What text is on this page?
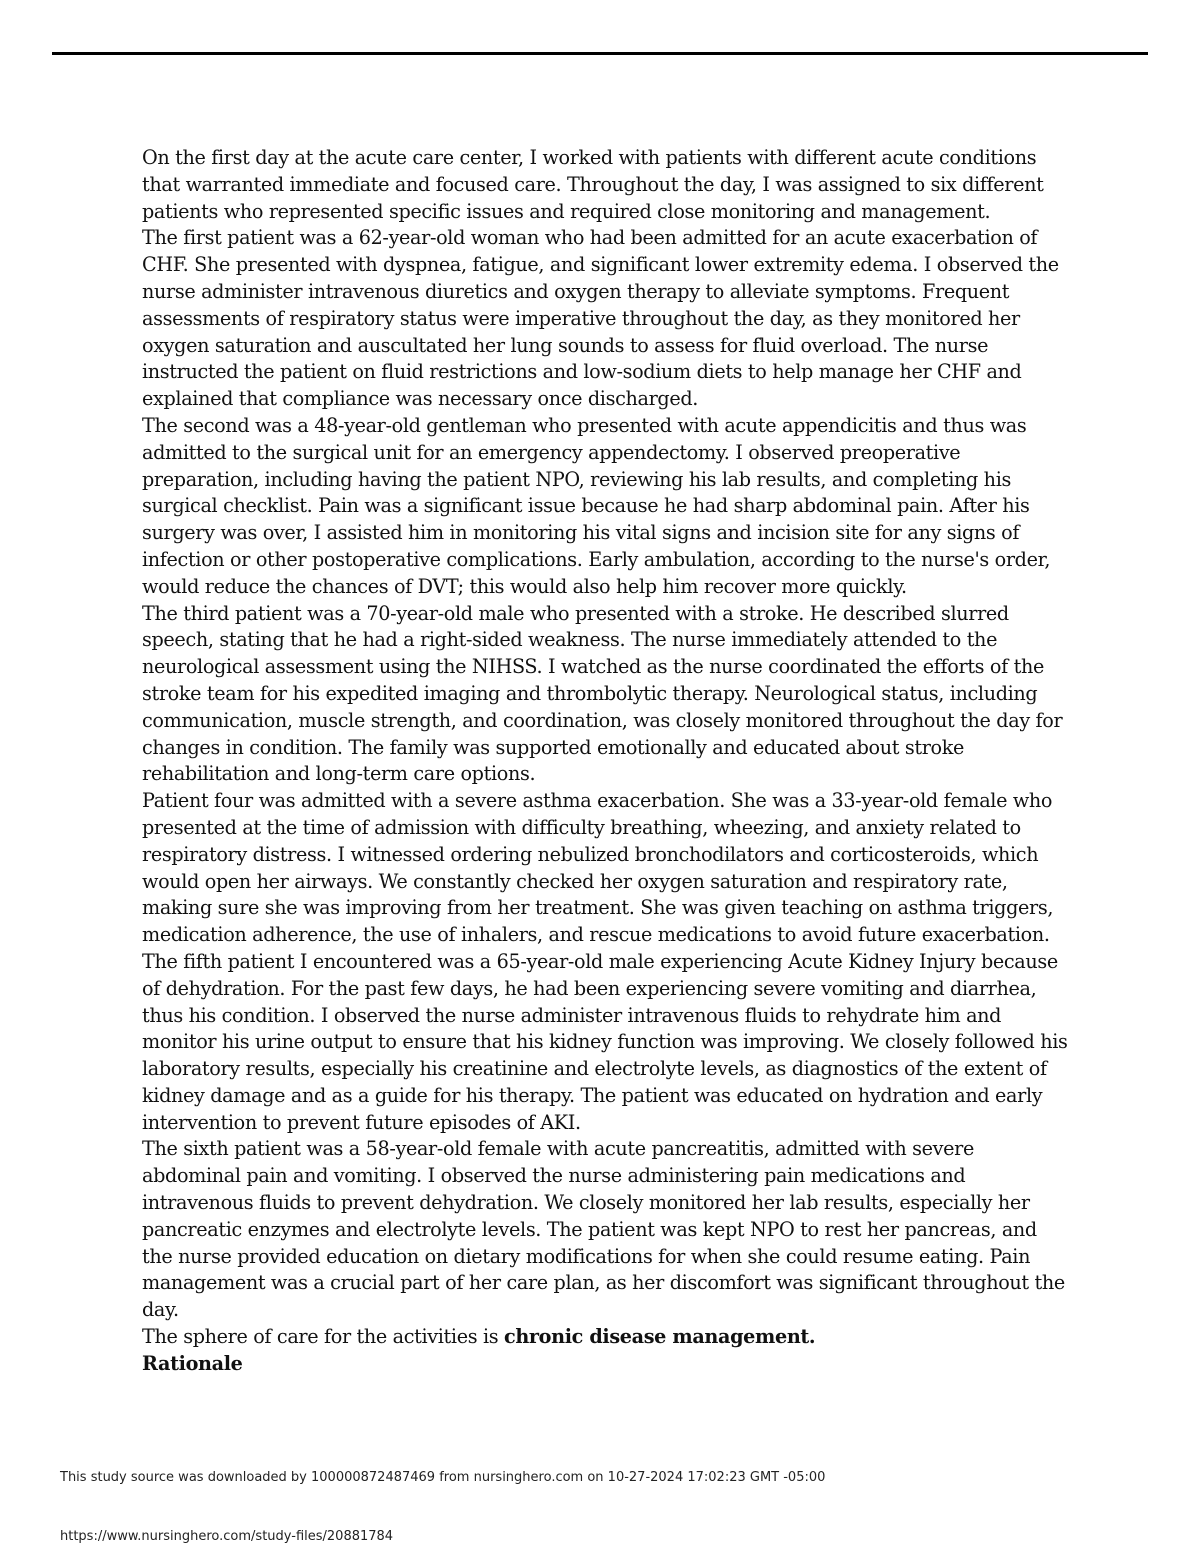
On the first day at the acute care center, I worked with patients with different acute conditions that warranted immediate and focused care. Throughout the day, I was assigned to six different patients who represented specific issues and required close monitoring and management.

The first patient was a 62-year-old woman who had been admitted for an acute exacerbation of CHF. She presented with dyspnea, fatigue, and significant lower extremity edema. I observed the nurse administer intravenous diuretics and oxygen therapy to alleviate symptoms. Frequent assessments of respiratory status were imperative throughout the day, as they monitored her oxygen saturation and auscultated her lung sounds to assess for fluid overload. The nurse instructed the patient on fluid restrictions and low-sodium diets to help manage her CHF and explained that compliance was necessary once discharged.

The second was a 48-year-old gentleman who presented with acute appendicitis and thus was admitted to the surgical unit for an emergency appendectomy. I observed preoperative preparation, including having the patient NPO, reviewing his lab results, and completing his surgical checklist. Pain was a significant issue because he had sharp abdominal pain. After his surgery was over, I assisted him in monitoring his vital signs and incision site for any signs of infection or other postoperative complications. Early ambulation, according to the nurse's order, would reduce the chances of DVT; this would also help him recover more quickly.

The third patient was a 70-year-old male who presented with a stroke. He described slurred speech, stating that he had a right-sided weakness. The nurse immediately attended to the neurological assessment using the NIHSS. I watched as the nurse coordinated the efforts of the stroke team for his expedited imaging and thrombolytic therapy. Neurological status, including communication, muscle strength, and coordination, was closely monitored throughout the day for changes in condition. The family was supported emotionally and educated about stroke rehabilitation and long-term care options.

Patient four was admitted with a severe asthma exacerbation. She was a 33-year-old female who presented at the time of admission with difficulty breathing, wheezing, and anxiety related to respiratory distress. I witnessed ordering nebulized bronchodilators and corticosteroids, which would open her airways. We constantly checked her oxygen saturation and respiratory rate, making sure she was improving from her treatment. She was given teaching on asthma triggers, medication adherence, the use of inhalers, and rescue medications to avoid future exacerbation.

The fifth patient I encountered was a 65-year-old male experiencing Acute Kidney Injury because of dehydration. For the past few days, he had been experiencing severe vomiting and diarrhea, thus his condition. I observed the nurse administer intravenous fluids to rehydrate him and monitor his urine output to ensure that his kidney function was improving. We closely followed his laboratory results, especially his creatinine and electrolyte levels, as diagnostics of the extent of kidney damage and as a guide for his therapy. The patient was educated on hydration and early intervention to prevent future episodes of AKI.

The sixth patient was a 58-year-old female with acute pancreatitis, admitted with severe abdominal pain and vomiting. I observed the nurse administering pain medications and intravenous fluids to prevent dehydration. We closely monitored her lab results, especially her pancreatic enzymes and electrolyte levels. The patient was kept NPO to rest her pancreas, and the nurse provided education on dietary modifications for when she could resume eating. Pain management was a crucial part of her care plan, as her discomfort was significant throughout the day.

The sphere of care for the activities is chronic disease management.

Rationale

This study source was downloaded by 100000872487469 from nursinghero.com on 10-27-2024 17:02:23 GMT -05:00
https://www.nursinghero.com/study-files/20881784
